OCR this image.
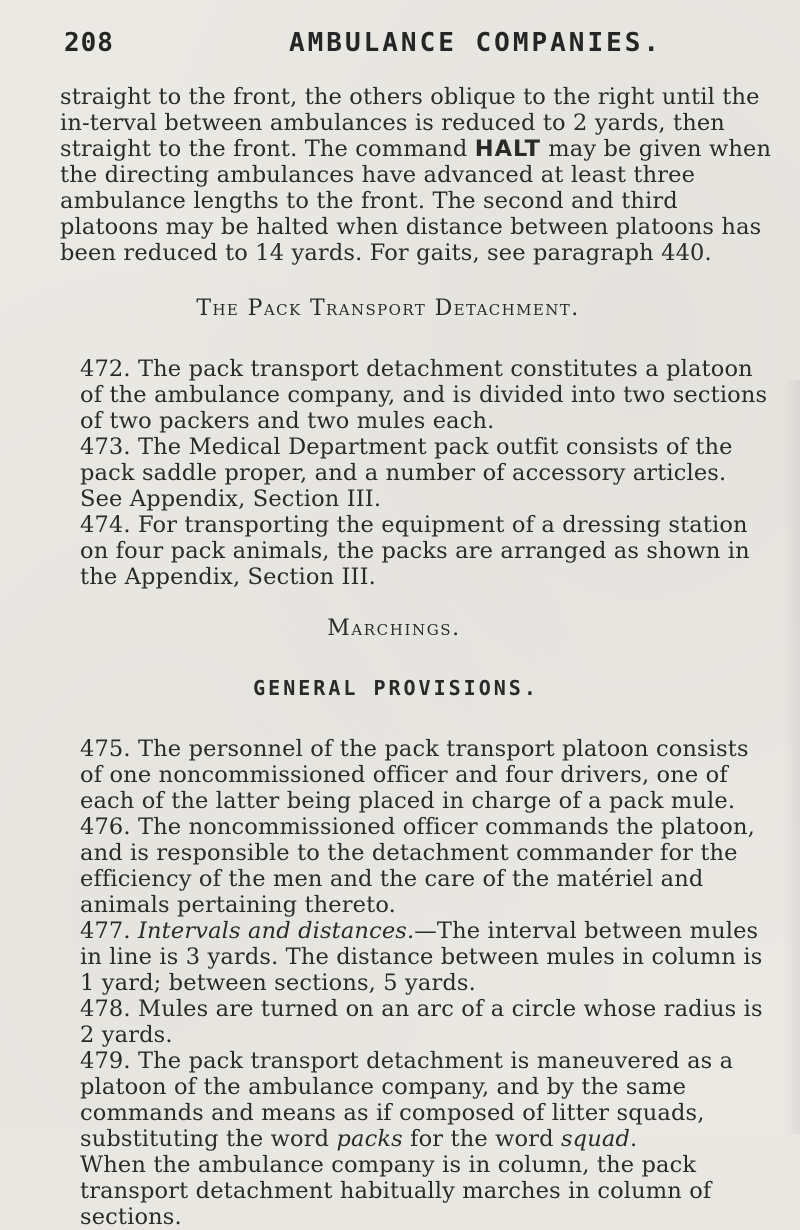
208	AMBULANCE COMPANIES.

straight to the front, the others oblique to the right until the in-terval between ambulances is reduced to 2 yards, then straight to the front. The command HALT may be given when the directing ambulances have advanced at least three ambulance lengths to the front. The second and third platoons may be halted when distance between platoons has been reduced to 14 yards. For gaits, see paragraph 440.

The Pack Transport Detachment.

472. The pack transport detachment constitutes a platoon of the ambulance company, and is divided into two sections of two packers and two mules each.

473. The Medical Department pack outfit consists of the pack saddle proper, and a number of accessory articles. See Appendix, Section III.

474. For transporting the equipment of a dressing station on four pack animals, the packs are arranged as shown in the Appendix, Section III.

Marchings.
GENERAL PROVISIONS.

475. The personnel of the pack transport platoon consists of one noncommissioned officer and four drivers, one of each of the latter being placed in charge of a pack mule.

476. The noncommissioned officer commands the platoon, and is responsible to the detachment commander for the efficiency of the men and the care of the matériel and animals pertaining thereto.

477. Intervals and distances.—The interval between mules in line is 3 yards. The distance between mules in column is 1 yard; between sections, 5 yards.

478. Mules are turned on an arc of a circle whose radius is 2 yards.

479. The pack transport detachment is maneuvered as a platoon of the ambulance company, and by the same commands and means as if composed of litter squads, substituting the word packs for the word squad.

When the ambulance company is in column, the pack transport detachment habitually marches in column of sections.
